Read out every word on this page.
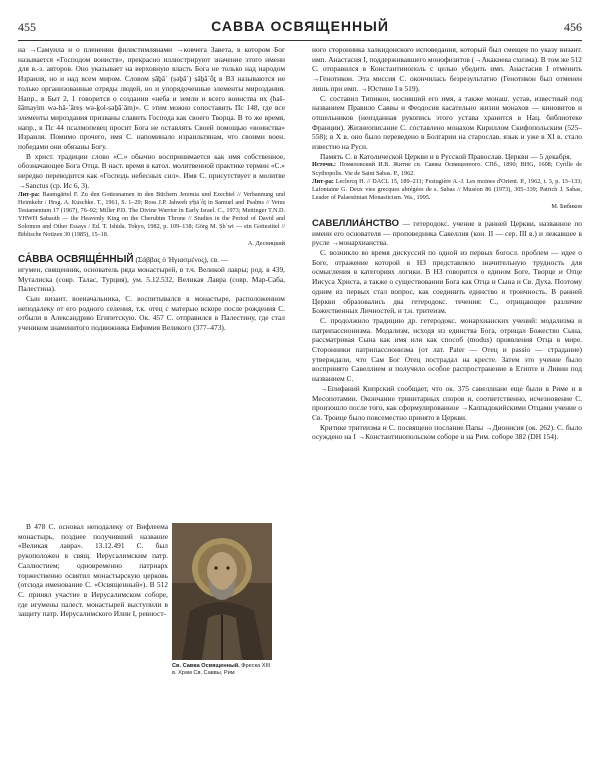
455	САВВА ОСВЯЩЕННЫЙ	456

на →Самуила и о пленении филистимлянами →ковчега Завета, в котором Бог называется «Господом воинств», прекрасно иллюстрируют значение этого имени для в.-з. авторов. Оно указывает на верховную власть Бога не только над народом Израиля, но и над всем миром. Словом ṣāḇā᾿ (ṣəḇā᾿) ṣāḇā᾿ṓṯ в ВЗ называются не только организованные отряды людей, но и упорядоченные элементы мироздания. Напр., в Быт 2, 1 говорится о создании «неба и земли и всего воинства их (haš-šāmayim wə-hā-᾿āreṣ wə-ḵol-ṣəḇā᾿ām)». С этим можно сопоставить Пс 148, где все элементы мироздания призваны славить Господа как своего Творца. В то же время, напр., в Пс 44 псалмопевец просит Бога не оставлять Своей помощью «воинства» Израиля. Помимо прочего, имя С. напоминало израильтянам, что своими воен. победами они обязаны Богу.

В христ. традиции слово «С.» обычно воспринимается как имя собственное, обозначающее Бога Отца. В наст. время в катол. молитвенной практике термин «С.» нередко переводится как «Господь небесных сил». Имя С. присутствует в молитве →Sanctus (ср. Ис 6, 3).

Лит-ра: Baumgärtel F. Zu den Gottesnamen in den Büchern Jeremia und Ezechiel // Verbannung und Heimkehr / Hrsg. A. Kuschke. T., 1961, S. 1–29; Ross J.P. Jahweh ṣᵉḇā᾿ôṯ in Samuel and Psalms // Vetus Testamentum 17 (1967), 76–92; Miller P.D. The Divine Warrior in Early Israel. C., 1973; Mettinger T.N.D. YHWH Sabaoth — the Heavenly King on the Cherubim Throne // Studies in the Period of David and Solomon and Other Essays / Ed. T. Ishida. Tokyo, 1982, p. 109–138; Görg M. Ṣb᾿wt — ein Gottestitel // Biblische Notizen 30 (1985), 15–18.
А. Десницкий

СА́ВВА ОСВЯЩЕ́ННЫЙ (Σάββας ὁ Ἡγιασμένος), св. —

игумен, священник, основатель ряда монастырей, в т.ч. Великой лавры; род. в 439, Муталиска (совр. Талас, Турция), ум. 5.12.532, Великая Лавра (совр. Мар-Саба, Палестина).

Сын визант. военачальника, С. воспитывался в монастыре, расположенном неподалеку от его родного селения, т.к. отец с матерью вскоре после рождения С. отбыли в Александрию Египетскую. Ок. 457 С. отправился в Палестину, где стал учеником знаменитого подвижника Евфимия Великого (377–473).

В 478 С. основал неподалеку от Вифлеема монастырь, позднее получивший название «Великая лавра». 13.12.491 С. был рукоположен в свящ. Иерусалимским патр. Саллюстием; одновременно патриарх торжественно освятил монастырскую церковь (отсюда именование С. «Освященный»). В 512 С. принял участие в Иерусалимском соборе, где игумены палест. монастырей выступили в защиту патр. Иерусалимского Илии I, ревност-

Св. Савва Освященный. Фреска XIII в. Храм Св. Саввы, Рим

ного сторонника халкидонского исповедания, который был смещен по указу визант. имп. Анастасия I, поддерживавшего монофизитов (→Акакиева схизма). В том же 512 С. отправился в Константинополь с целью убедить имп. Анастасия I отменить →Генотикон. Эта миссия С. окончилась безрезультатно (Генотикон был отменен лишь при имп. →Юстине I в 519).

С. составил Типикон, носивший его имя, а также монаш. устав, известный под названием Правило Саввы и Феодосия касательно жизни монахов — киновитов и отшельников (неизданная рукопись этого устава хранится в Нац. библиотеке Франции). Жизнеописание С. составлено монахом Кириллом Скифопольским (525–558); в X в. оно было переведено в Болгарии на старослав. язык и уже в XI в. стало известно на Руси.

Память С. в Католической Церкви и в Русской Православ. Церкви — 5 декабря.

Источн.: Помяловский И.В. Житие св. Саввы Освященного. СПб., 1890; BHG, 1608; Cyrille de Scythopolis. Vie de Saint Sabas. P., 1962.
Лит-ра: Leclercq H. // DACL 15, 189–211; Festugière A.-J. Les moines d'Orient. P., 1962, t. 3, p. 13–133; Lafontaine G. Deux vies grecques abrégées de s. Sabas // Muséon 86 (1973), 305–339; Patrich J. Sabas, Leader of Palaestinian Monasticism. Wa., 1995.
М. Бибиков

САВЕЛЛИА́НСТВО — гетеродокс. учение в ранней Церкви, названное по имени его основателя — проповедника Савеллия (кон. II — сер. III в.) и лежавшее в русле →монархианства.

С. возникло во время дискуссий по одной из первых богосл. проблем — идее о Боге, отражение которой в НЗ представляло значительную трудность для осмысления в категориях логики. В НЗ говорится о едином Боге, Творце и Отце Иисуса Христа, а также о существовании Бога как Отца и Сына и Св. Духа. Поэтому одним из первых стал вопрос, как соединить единство и троичность. В ранней Церкви образовались два гетеродокс. течения: С., отрицающее различие Божественных Личностей, и т.н. тритеизм.

С. продолжило традицию др. гетеродокс. монархианских учений: модализма и патрипассионизма. Модализм, исходя из единства Бога, отрицал Божество Сына, рассматривая Сына как имя или как способ (modus) проявления Отца в мире. Сторонники патрипассионизма (от лат. Pater — Отец и passio — страдание) утверждали, что Сам Бог Отец пострадал на кресте. Затем это учение было воспринято Савеллием и получило особое распространение в Египте и Ливии под названием С.

→Епифаний Кипрский сообщает, что ок. 375 савеллиане еще были в Риме и в Месопотамии. Окончание тринитарных споров и, соответственно, исчезновение С. произошло после того, как сформулированное →Каппадокийскими Отцами учение о Св. Троице было повсеместно принято в Церкви.

Критике тритеизма и С. посвящено послание Папы →Дионисия (ок. 262). С. было осуждено на I →Константинопольском соборе и на Рим. соборе 382 (DH 154).
